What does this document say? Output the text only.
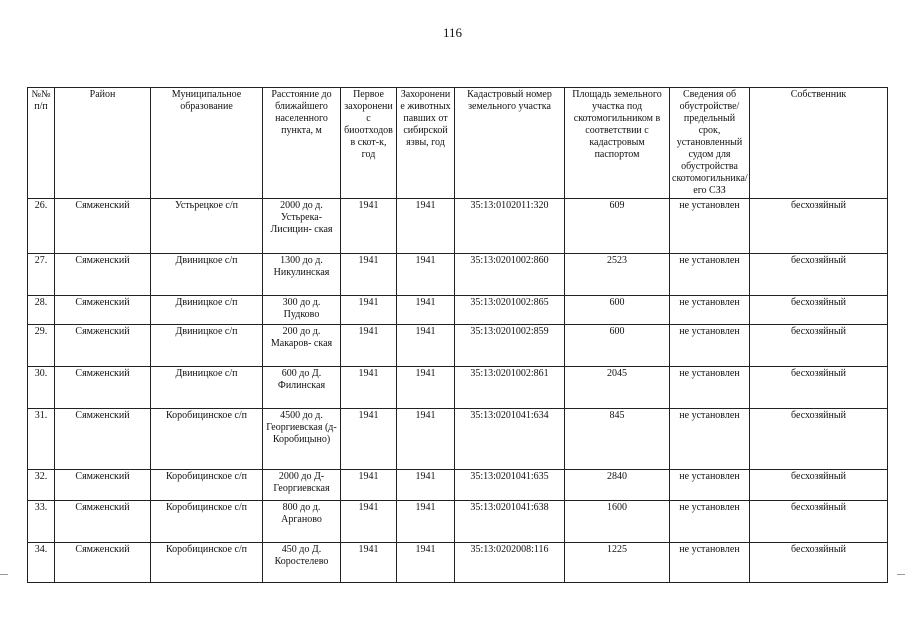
116
№№ п/п	Район	Муниципальное образование	Расстояние до ближайшего населенного пункта, м	Первое захоронени с биоотходов в скот-к, год	Захоронени е животных павших от сибирской язвы, год	Кадастровый номер земельного участка	Площадь земельного участка под скотомогильником в соответствии с кадастровым паспортом	Сведения об обустройстве/ предельный срок, установленный судом для обустройства скотомогильника/ его СЗЗ	Собственник
26.	Сямженский	Устьрецкое с/п	2000 до д. Устьрека-Лисицин- ская	1941	1941	35:13:0102011:320	609	не установлен	бесхозяйный
27.	Сямженский	Двиницкое с/п	1300 до д. Никулинская	1941	1941	35:13:0201002:860	2523	не установлен	бесхозяйный
28.	Сямженский	Двиницкое с/п	300 до д. Пудково	1941	1941	35:13:0201002:865	600	не установлен	бесхозяйный
29.	Сямженский	Двиницкое с/п	200 до д. Макаров- ская	1941	1941	35:13:0201002:859	600	не установлен	бесхозяйный
30.	Сямженский	Двиницкое с/п	600 до Д. Филинская	1941	1941	35:13:0201002:861	2045	не установлен	бесхозяйный
31.	Сямженский	Коробицинское с/п	4500 до д. Георгиевская (д-Коробицыно)	1941	1941	35:13:0201041:634	845	не установлен	бесхозяйный
32.	Сямженский	Коробицинское с/п	2000 до Д-Георгиевская	1941	1941	35:13:0201041:635	2840	не установлен	бесхозяйный
33.	Сямженский	Коробицинское с/п	800 до д. Арганово	1941	1941	35:13:0201041:638	1600	не установлен	бесхозяйный
34.	Сямженский	Коробицинское с/п	450 до Д. Коростелево	1941	1941	35:13:0202008:116	1225	не установлен	бесхозяйный
